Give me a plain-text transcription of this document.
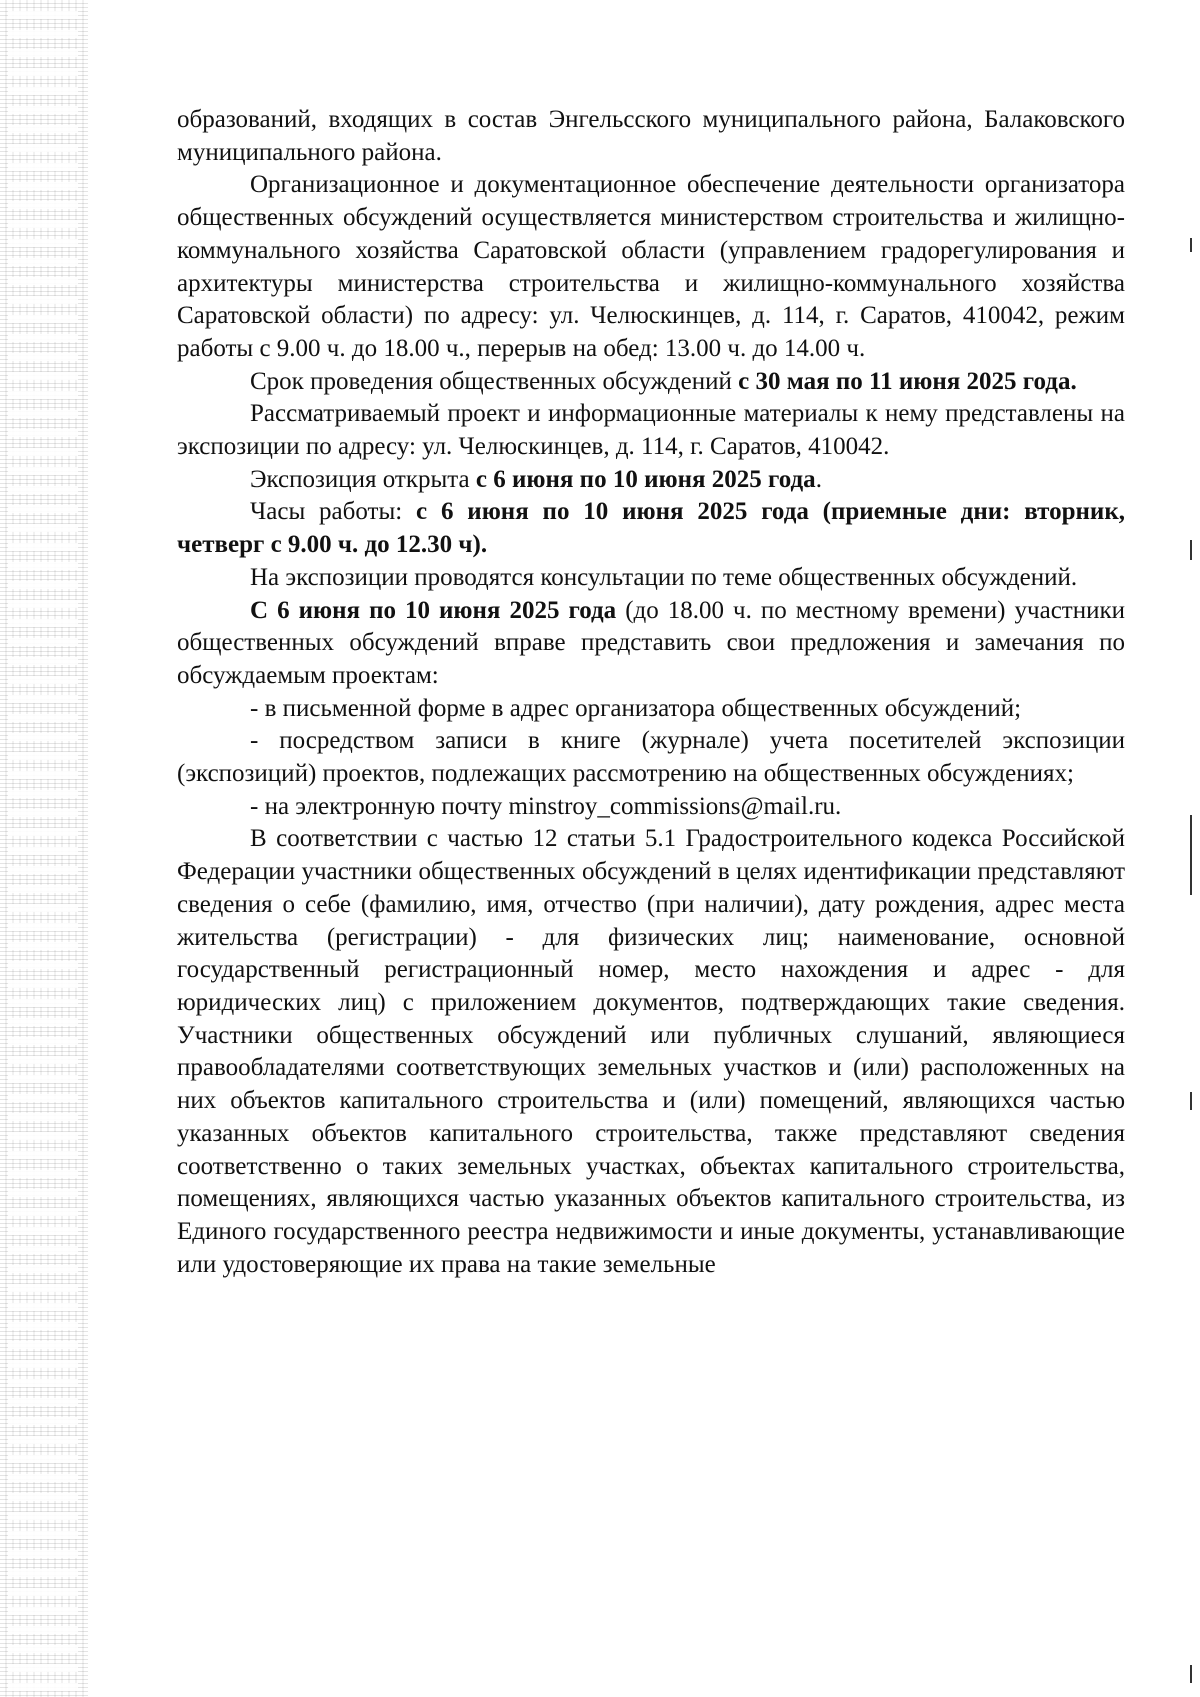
образований, входящих в состав Энгельсского муниципального района, Балаковского муниципального района.

Организационное и документационное обеспечение деятельности организатора общественных обсуждений осуществляется министерством строительства и жилищно-коммунального хозяйства Саратовской области (управлением градорегулирования и архитектуры министерства строительства и жилищно-коммунального хозяйства Саратовской области) по адресу: ул. Челюскинцев, д. 114, г. Саратов, 410042, режим работы с 9.00 ч. до 18.00 ч., перерыв на обед: 13.00 ч. до 14.00 ч.

Срок проведения общественных обсуждений с 30 мая по 11 июня 2025 года.

Рассматриваемый проект и информационные материалы к нему представлены на экспозиции по адресу: ул. Челюскинцев, д. 114, г. Саратов, 410042.

Экспозиция открыта с 6 июня по 10 июня 2025 года.

Часы работы: с 6 июня по 10 июня 2025 года (приемные дни: вторник, четверг с 9.00 ч. до 12.30 ч).

На экспозиции проводятся консультации по теме общественных обсуждений.

С 6 июня по 10 июня 2025 года (до 18.00 ч. по местному времени) участники общественных обсуждений вправе представить свои предложения и замечания по обсуждаемым проектам:

- в письменной форме в адрес организатора общественных обсуждений;

- посредством записи в книге (журнале) учета посетителей экспозиции (экспозиций) проектов, подлежащих рассмотрению на общественных обсуждениях;

- на электронную почту minstroy_commissions@mail.ru.

В соответствии с частью 12 статьи 5.1 Градостроительного кодекса Российской Федерации участники общественных обсуждений в целях идентификации представляют сведения о себе (фамилию, имя, отчество (при наличии), дату рождения, адрес места жительства (регистрации) - для физических лиц; наименование, основной государственный регистрационный номер, место нахождения и адрес - для юридических лиц) с приложением документов, подтверждающих такие сведения. Участники общественных обсуждений или публичных слушаний, являющиеся правообладателями соответствующих земельных участков и (или) расположенных на них объектов капитального строительства и (или) помещений, являющихся частью указанных объектов капитального строительства, также представляют сведения соответственно о таких земельных участках, объектах капитального строительства, помещениях, являющихся частью указанных объектов капитального строительства, из Единого государственного реестра недвижимости и иные документы, устанавливающие или удостоверяющие их права на такие земельные
